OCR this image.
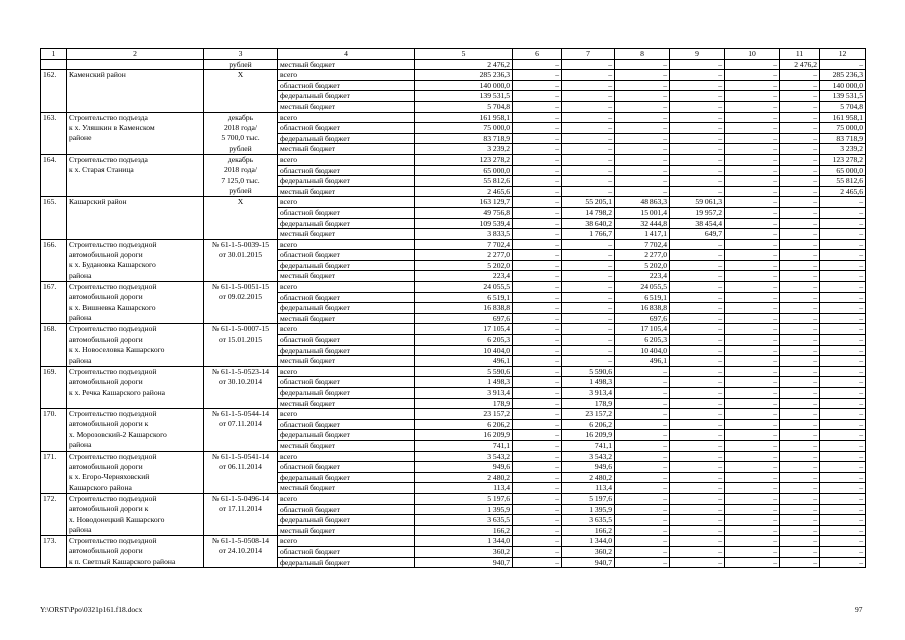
1	2	3	4	5	6	7	8	9	10	11	12
		рублей	местный бюджет	2 476,2	–	–	–	–	–	2 476,2	–
162.	Каменский район	Х	всего	285 236,3	–	–	–	–	–	–	285 236,3
			областной бюджет	140 000,0	–	–	–	–	–	–	140 000,0
			федеральный бюджет	139 531,5	–	–	–	–	–	–	139 531,5
			местный бюджет	5 704,8	–	–	–	–	–	–	5 704,8
163.	Строительство подъезда	декабрь	всего	161 958,1	–	–	–	–	–	–	161 958,1
	к х. Уляшкин в Каменском	2018 года/	областной бюджет	75 000,0	–	–	–	–	–	–	75 000,0
	районе	5 700,0 тыс.	федеральный бюджет	83 718,9	–	–	–	–	–	–	83 718,9
		рублей	местный бюджет	3 239,2	–	–	–	–	–	–	3 239,2
164.	Строительство подъезда	декабрь	всего	123 278,2	–	–	–	–	–	–	123 278,2
	к х. Старая Станица	2018 года/	областной бюджет	65 000,0	–	–	–	–	–	–	65 000,0
		7 125,0 тыс.	федеральный бюджет	55 812,6	–	–	–	–	–	–	55 812,6
		рублей	местный бюджет	2 465,6	–	–	–	–	–	–	2 465,6
165.	Кашарский район	Х	всего	163 129,7	–	55 205,1	48 863,3	59 061,3	–	–	–
			областной бюджет	49 756,8	–	14 798,2	15 001,4	19 957,2	–	–	–
			федеральный бюджет	109 539,4	–	38 640,2	32 444,8	38 454,4	–	–	–
			местный бюджет	3 833,5	–	1 766,7	1 417,1	649,7	–	–	–
166.	Строительство подъездной	№ 61-1-5-0039-15	всего	7 702,4	–	–	7 702,4	–	–	–	–
	автомобильной дороги	от 30.01.2015	областной бюджет	2 277,0	–	–	2 277,0	–	–	–	–
	к х. Будановка Кашарского		федеральный бюджет	5 202,0	–	–	5 202,0	–	–	–	–
	района		местный бюджет	223,4	–	–	223,4	–	–	–	–
167.	Строительство подъездной	№ 61-1-5-0051-15	всего	24 055,5	–	–	24 055,5	–	–	–	–
	автомобильной дороги	от 09.02.2015	областной бюджет	6 519,1	–	–	6 519,1	–	–	–	–
	к х. Вишневка Кашарского		федеральный бюджет	16 838,8	–	–	16 838,8	–	–	–	–
	района		местный бюджет	697,6	–	–	697,6	–	–	–	–
168.	Строительство подъездной	№ 61-1-5-0007-15	всего	17 105,4	–	–	17 105,4	–	–	–	–
	автомобильной дороги	от 15.01.2015	областной бюджет	6 205,3	–	–	6 205,3	–	–	–	–
	к х. Новоселовка Кашарского		федеральный бюджет	10 404,0	–	–	10 404,0	–	–	–	–
	района		местный бюджет	496,1	–	–	496,1	–	–	–	–
169.	Строительство подъездной	№ 61-1-5-0523-14	всего	5 590,6	–	5 590,6	–	–	–	–	–
	автомобильной дороги	от 30.10.2014	областной бюджет	1 498,3	–	1 498,3	–	–	–	–	–
	к х. Речка Кашарского района		федеральный бюджет	3 913,4	–	3 913,4	–	–	–	–	–
			местный бюджет	178,9	–	178,9	–	–	–	–	–
170.	Строительство подъездной	№ 61-1-5-0544-14	всего	23 157,2	–	23 157,2	–	–	–	–	–
	автомобильной дороги к	от 07.11.2014	областной бюджет	6 206,2	–	6 206,2	–	–	–	–	–
	х. Морозовский-2 Кашарского		федеральный бюджет	16 209,9	–	16 209,9	–	–	–	–	–
	района		местный бюджет	741,1	–	741,1	–	–	–	–	–
171.	Строительство подъездной	№ 61-1-5-0541-14	всего	3 543,2	–	3 543,2	–	–	–	–	–
	автомобильной дороги	от 06.11.2014	областной бюджет	949,6	–	949,6	–	–	–	–	–
	к х. Егоро-Черняховский		федеральный бюджет	2 480,2	–	2 480,2	–	–	–	–	–
	Кашарского района		местный бюджет	113,4	–	113,4	–	–	–	–	–
172.	Строительство подъездной	№ 61-1-5-0496-14	всего	5 197,6	–	5 197,6	–	–	–	–	–
	автомобильной дороги к	от 17.11.2014	областной бюджет	1 395,9	–	1 395,9	–	–	–	–	–
	х. Новодонецкий Кашарского		федеральный бюджет	3 635,5	–	3 635,5	–	–	–	–	–
	района		местный бюджет	166,2	–	166,2	–	–	–	–	–
173.	Строительство подъездной	№ 61-1-5-0508-14	всего	1 344,0	–	1 344,0	–	–	–	–	–
	автомобильной дороги	от 24.10.2014	областной бюджет	360,2	–	360,2	–	–	–	–	–
	к п. Светлый Кашарского района		федеральный бюджет	940,7	–	940,7	–	–	–	–	–
Y:\ORST\Ppo\0321p161.f18.docx	97
